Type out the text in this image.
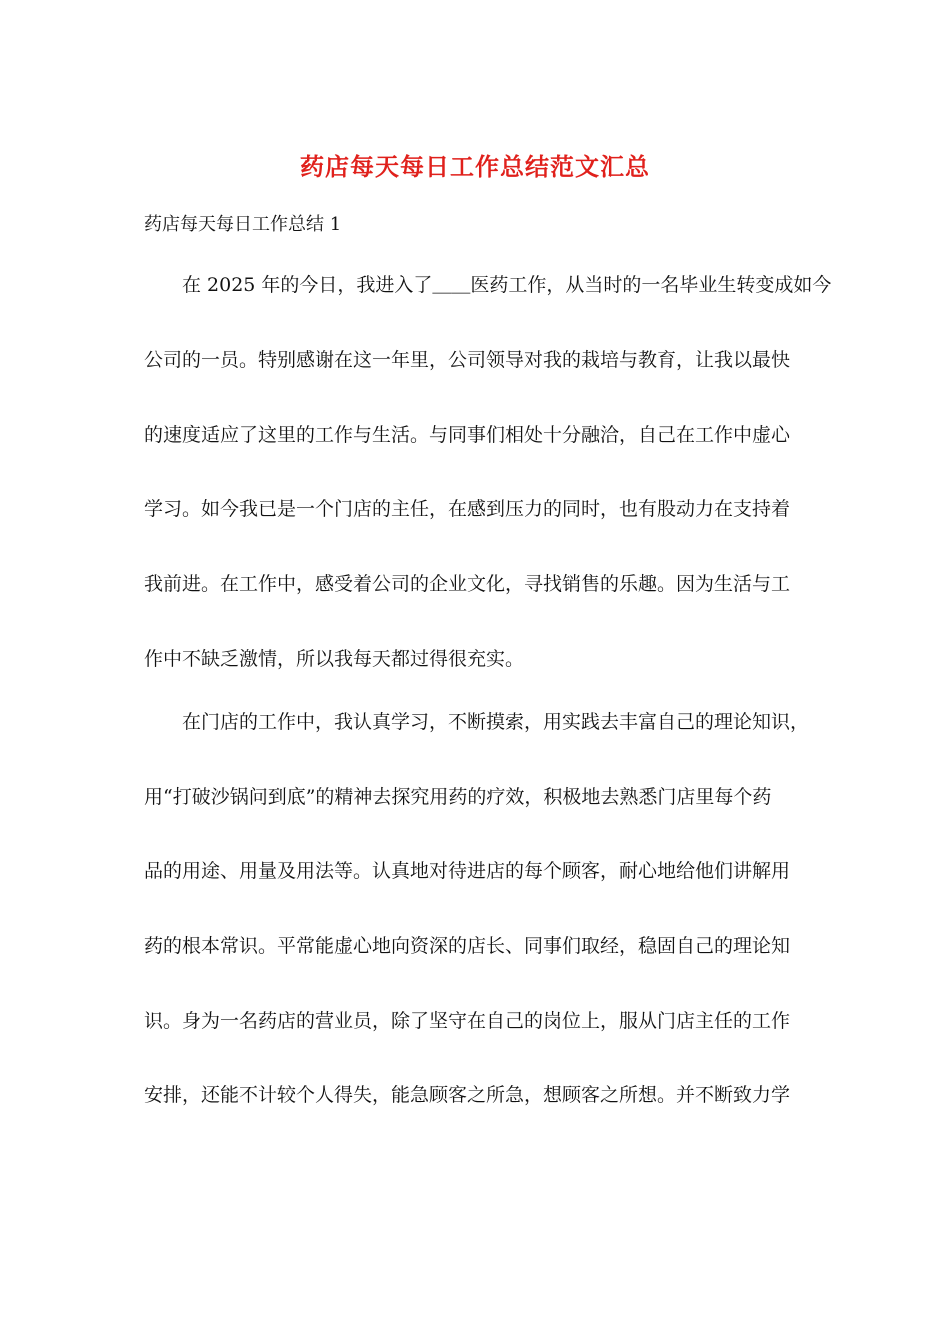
药店每天每日工作总结范文汇总

药店每天每日工作总结 1

在 2025 年的今日，我进入了＿＿医药工作，从当时的一名毕业生转变成如今

公司的一员。特别感谢在这一年里，公司领导对我的栽培与教育，让我以最快

的速度适应了这里的工作与生活。与同事们相处十分融洽，自己在工作中虚心

学习。如今我已是一个门店的主任，在感到压力的同时，也有股动力在支持着

我前进。在工作中，感受着公司的企业文化，寻找销售的乐趣。因为生活与工

作中不缺乏激情，所以我每天都过得很充实。

在门店的工作中，我认真学习，不断摸索，用实践去丰富自己的理论知识，

用“打破沙锅问到底”的精神去探究用药的疗效，积极地去熟悉门店里每个药

品的用途、用量及用法等。认真地对待进店的每个顾客，耐心地给他们讲解用

药的根本常识。平常能虚心地向资深的店长、同事们取经，稳固自己的理论知

识。身为一名药店的营业员，除了坚守在自己的岗位上，服从门店主任的工作

安排，还能不计较个人得失，能急顾客之所急，想顾客之所想。并不断致力学
